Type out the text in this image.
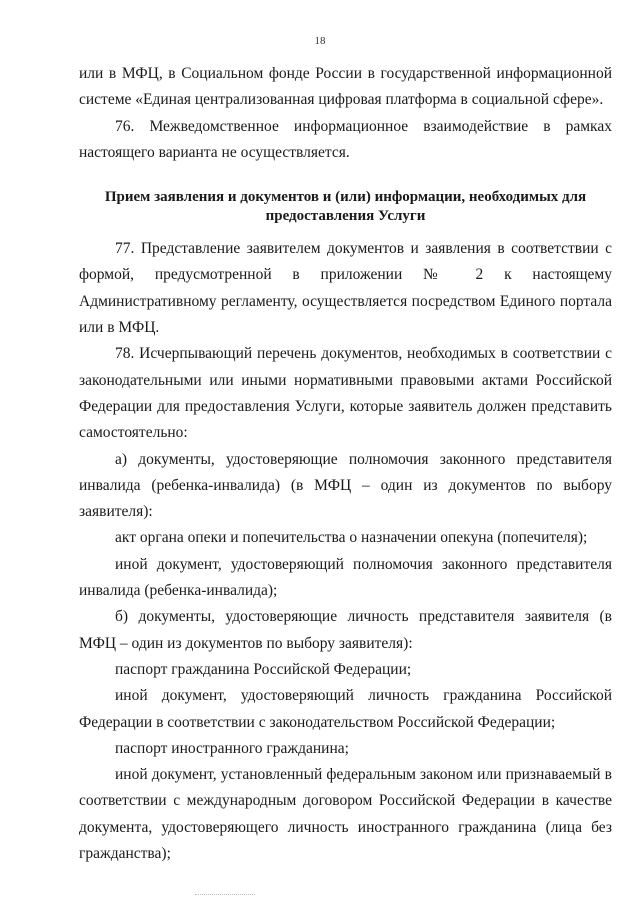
18

или в МФЦ, в Социальном фонде России в государственной информационной системе «Единая централизованная цифровая платформа в социальной сфере».

76. Межведомственное информационное взаимодействие в рамках настоящего варианта не осуществляется.

Прием заявления и документов и (или) информации, необходимых для
предоставления Услуги

77. Представление заявителем документов и заявления в соответствии с формой, предусмотренной в приложении № 2 к настоящему Административному регламенту, осуществляется посредством Единого портала или в МФЦ.

78. Исчерпывающий перечень документов, необходимых в соответствии с законодательными или иными нормативными правовыми актами Российской Федерации для предоставления Услуги, которые заявитель должен представить самостоятельно:

а) документы, удостоверяющие полномочия законного представителя инвалида (ребенка-инвалида) (в МФЦ – один из документов по выбору заявителя):

акт органа опеки и попечительства о назначении опекуна (попечителя);

иной документ, удостоверяющий полномочия законного представителя инвалида (ребенка-инвалида);

б) документы, удостоверяющие личность представителя заявителя (в МФЦ – один из документов по выбору заявителя):

паспорт гражданина Российской Федерации;

иной документ, удостоверяющий личность гражданина Российской Федерации в соответствии с законодательством Российской Федерации;

паспорт иностранного гражданина;

иной документ, установленный федеральным законом или признаваемый в соответствии с международным договором Российской Федерации в качестве документа, удостоверяющего личность иностранного гражданина (лица без гражданства);
